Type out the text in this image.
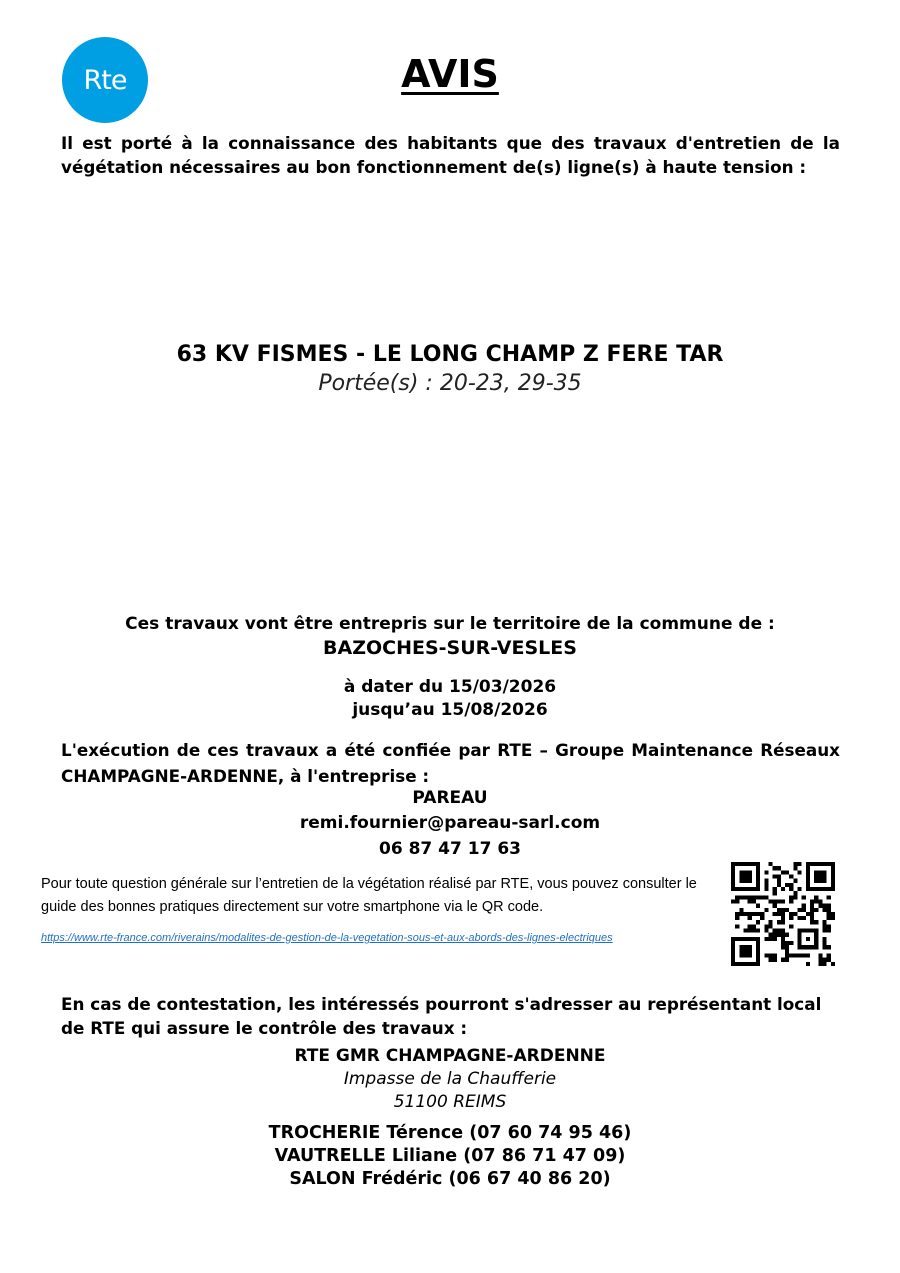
Rte	AVIS
Il est porté à la connaissance des habitants que des travaux d'entretien de la végétation nécessaires au bon fonctionnement de(s) ligne(s) à haute tension :
63 KV FISMES - LE LONG CHAMP Z FERE TAR
Portée(s) : 20-23, 29-35
Ces travaux vont être entrepris sur le territoire de la commune de :
BAZOCHES-SUR-VESLES
à dater du 15/03/2026
jusqu’au 15/08/2026
L'exécution de ces travaux a été confiée par RTE – Groupe Maintenance Réseaux CHAMPAGNE-ARDENNE, à l'entreprise :
PAREAU
remi.fournier@pareau-sarl.com
06 87 47 17 63
Pour toute question générale sur l’entretien de la végétation réalisé par RTE, vous pouvez consulter le guide des bonnes pratiques directement sur votre smartphone via le QR code.
https://www.rte-france.com/riverains/modalites-de-gestion-de-la-vegetation-sous-et-aux-abords-des-lignes-electriques
En cas de contestation, les intéressés pourront s'adresser au représentant local de RTE qui assure le contrôle des travaux :
RTE GMR CHAMPAGNE-ARDENNE
Impasse de la Chaufferie
51100 REIMS
TROCHERIE Térence (07 60 74 95 46)
VAUTRELLE Liliane (07 86 71 47 09)
SALON Frédéric (06 67 40 86 20)
